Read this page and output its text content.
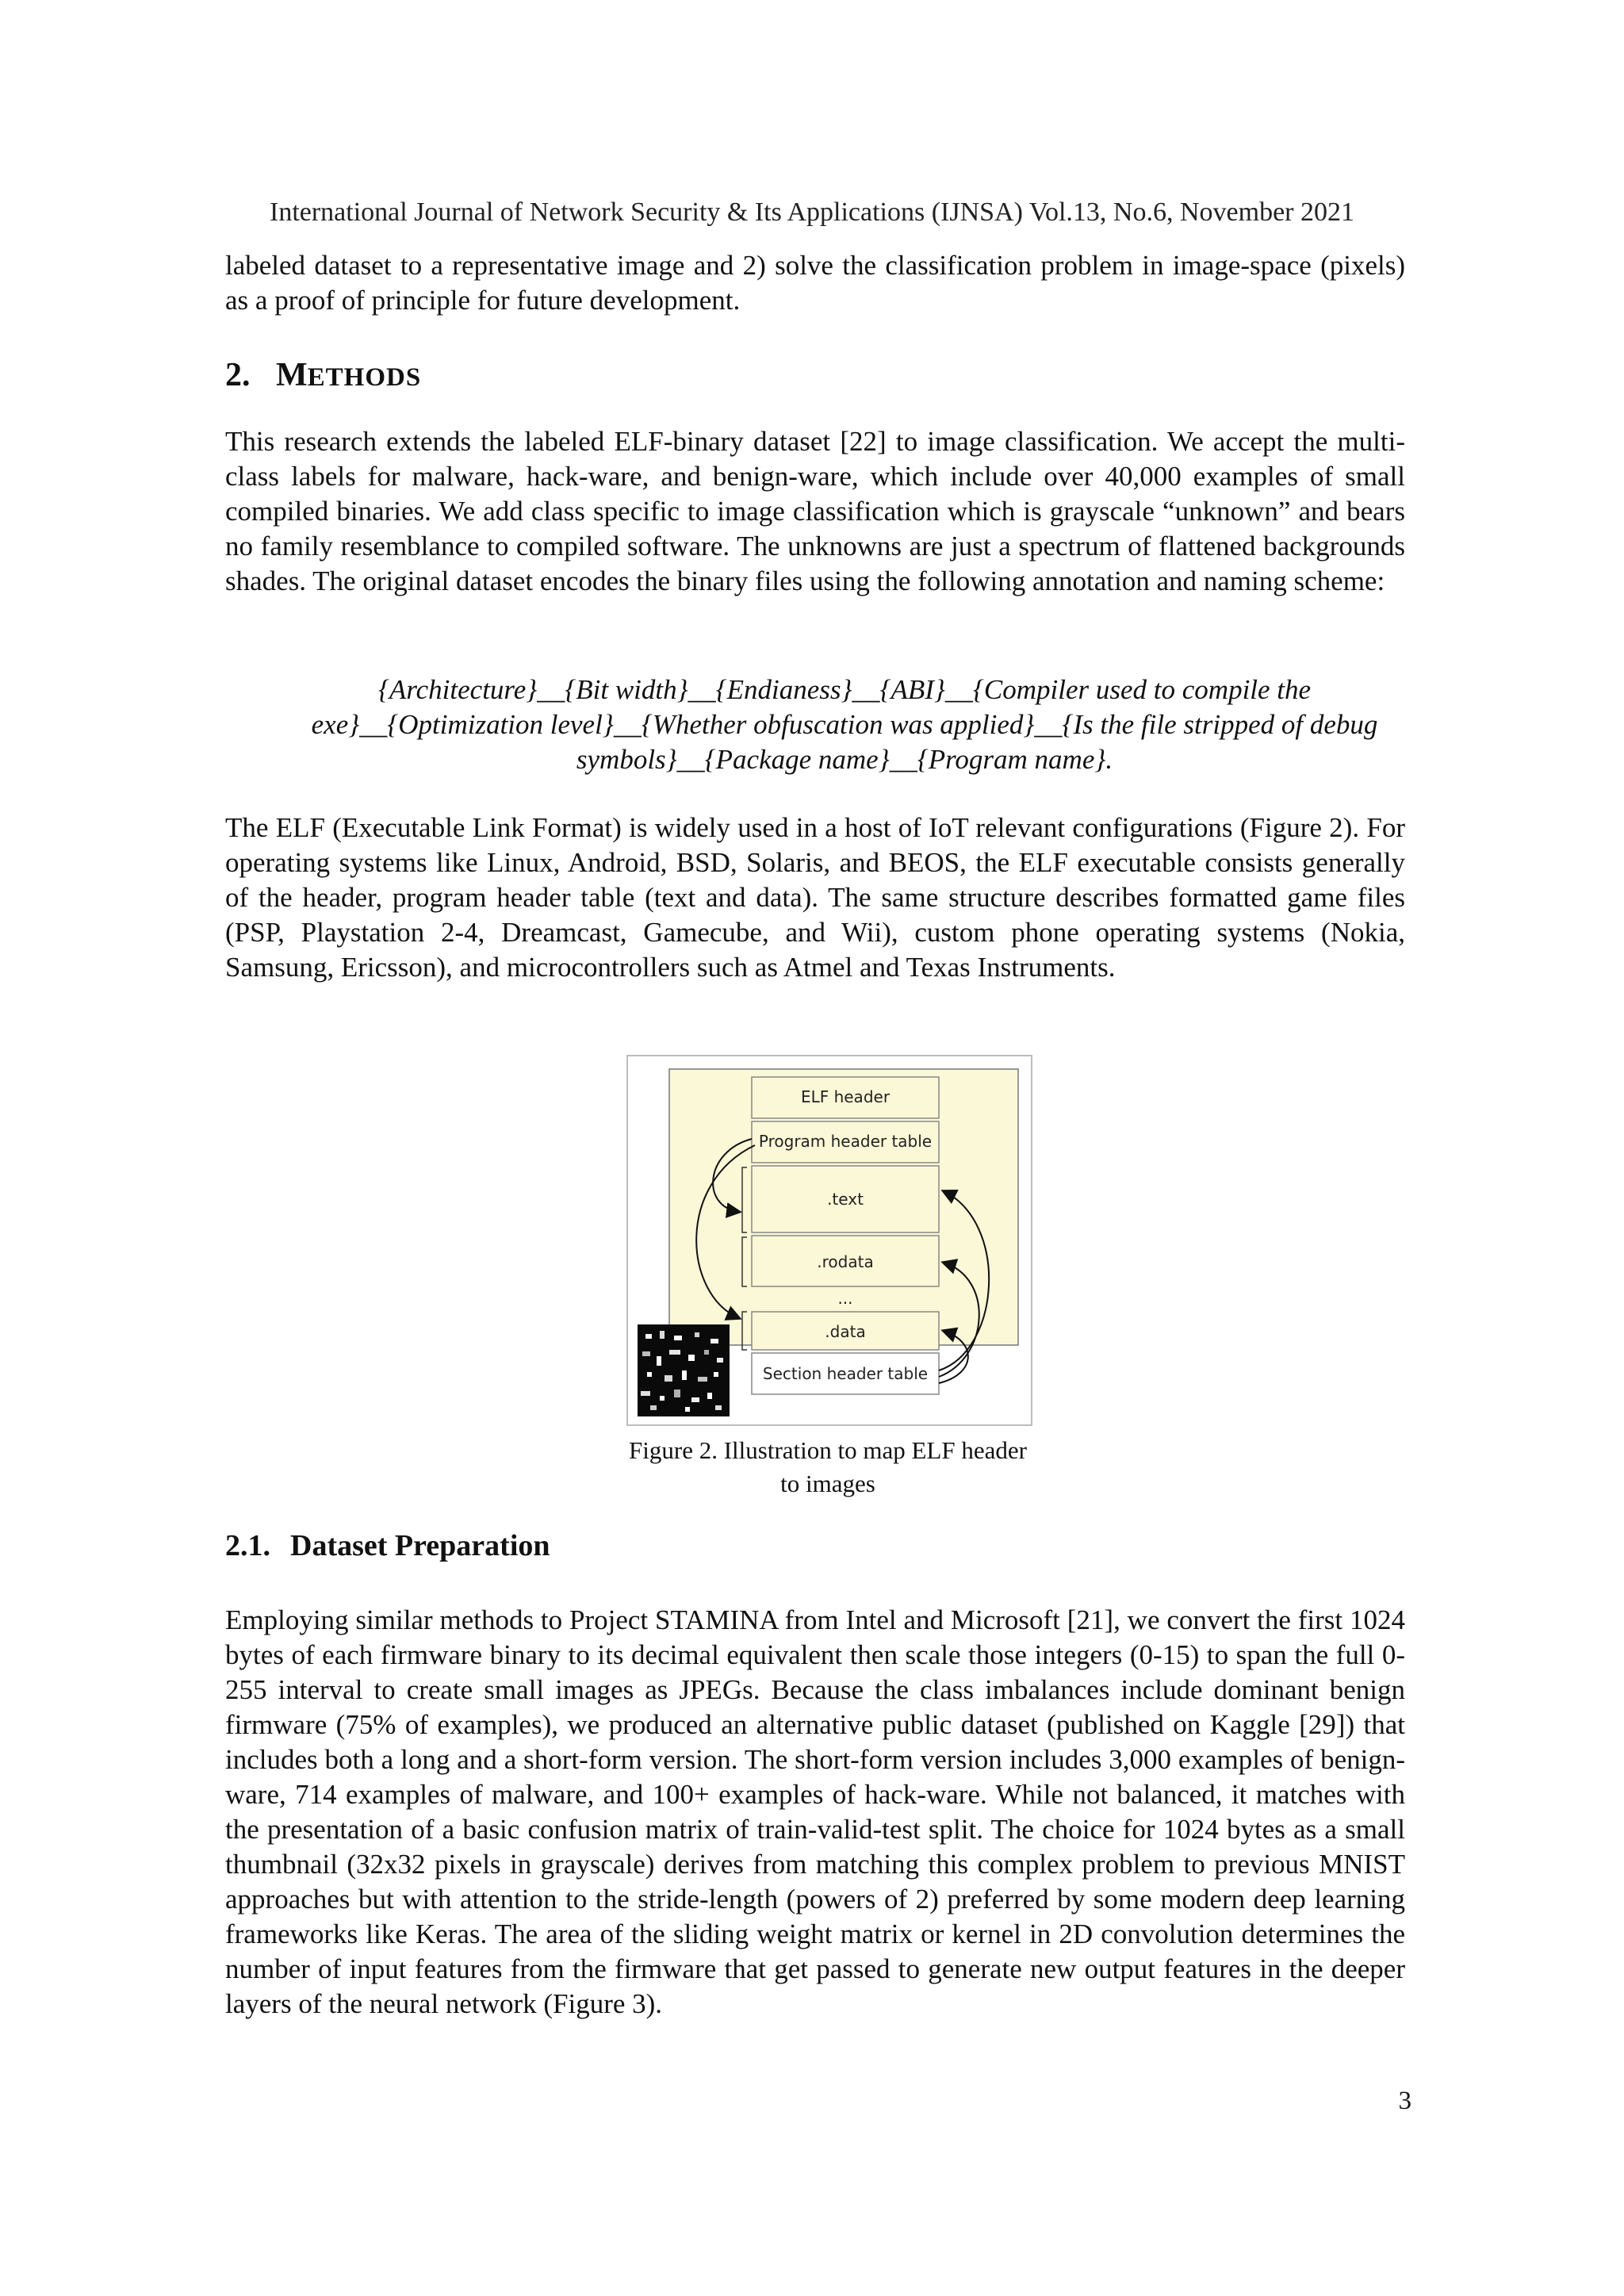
International Journal of Network Security & Its Applications (IJNSA) Vol.13, No.6, November 2021

labeled dataset to a representative image and 2) solve the classification problem in image-space (pixels) as a proof of principle for future development.

2. METHODS

This research extends the labeled ELF-binary dataset [22] to image classification. We accept the multi-class labels for malware, hack-ware, and benign-ware, which include over 40,000 examples of small compiled binaries. We add class specific to image classification which is grayscale “unknown” and bears no family resemblance to compiled software. The unknowns are just a spectrum of flattened backgrounds shades. The original dataset encodes the binary files using the following annotation and naming scheme:

{Architecture}__{Bit width}__{Endianess}__{ABI}__{Compiler used to compile the exe}__{Optimization level}__{Whether obfuscation was applied}__{Is the file stripped of debug symbols}__{Package name}__{Program name}.

The ELF (Executable Link Format) is widely used in a host of IoT relevant configurations (Figure 2). For operating systems like Linux, Android, BSD, Solaris, and BEOS, the ELF executable consists generally of the header, program header table (text and data). The same structure describes formatted game files (PSP, Playstation 2-4, Dreamcast, Gamecube, and Wii), custom phone operating systems (Nokia, Samsung, Ericsson), and microcontrollers such as Atmel and Texas Instruments.

ELF header
Program header table
.text
.rodata
...
.data
Section header table
Figure 2. Illustration to map ELF header to images
2.1. Dataset Preparation

Employing similar methods to Project STAMINA from Intel and Microsoft [21], we convert the first 1024 bytes of each firmware binary to its decimal equivalent then scale those integers (0-15) to span the full 0-255 interval to create small images as JPEGs. Because the class imbalances include dominant benign firmware (75% of examples), we produced an alternative public dataset (published on Kaggle [29]) that includes both a long and a short-form version. The short-form version includes 3,000 examples of benign-ware, 714 examples of malware, and 100+ examples of hack-ware. While not balanced, it matches with the presentation of a basic confusion matrix of train-valid-test split. The choice for 1024 bytes as a small thumbnail (32x32 pixels in grayscale) derives from matching this complex problem to previous MNIST approaches but with attention to the stride-length (powers of 2) preferred by some modern deep learning frameworks like Keras. The area of the sliding weight matrix or kernel in 2D convolution determines the number of input features from the firmware that get passed to generate new output features in the deeper layers of the neural network (Figure 3).

3
